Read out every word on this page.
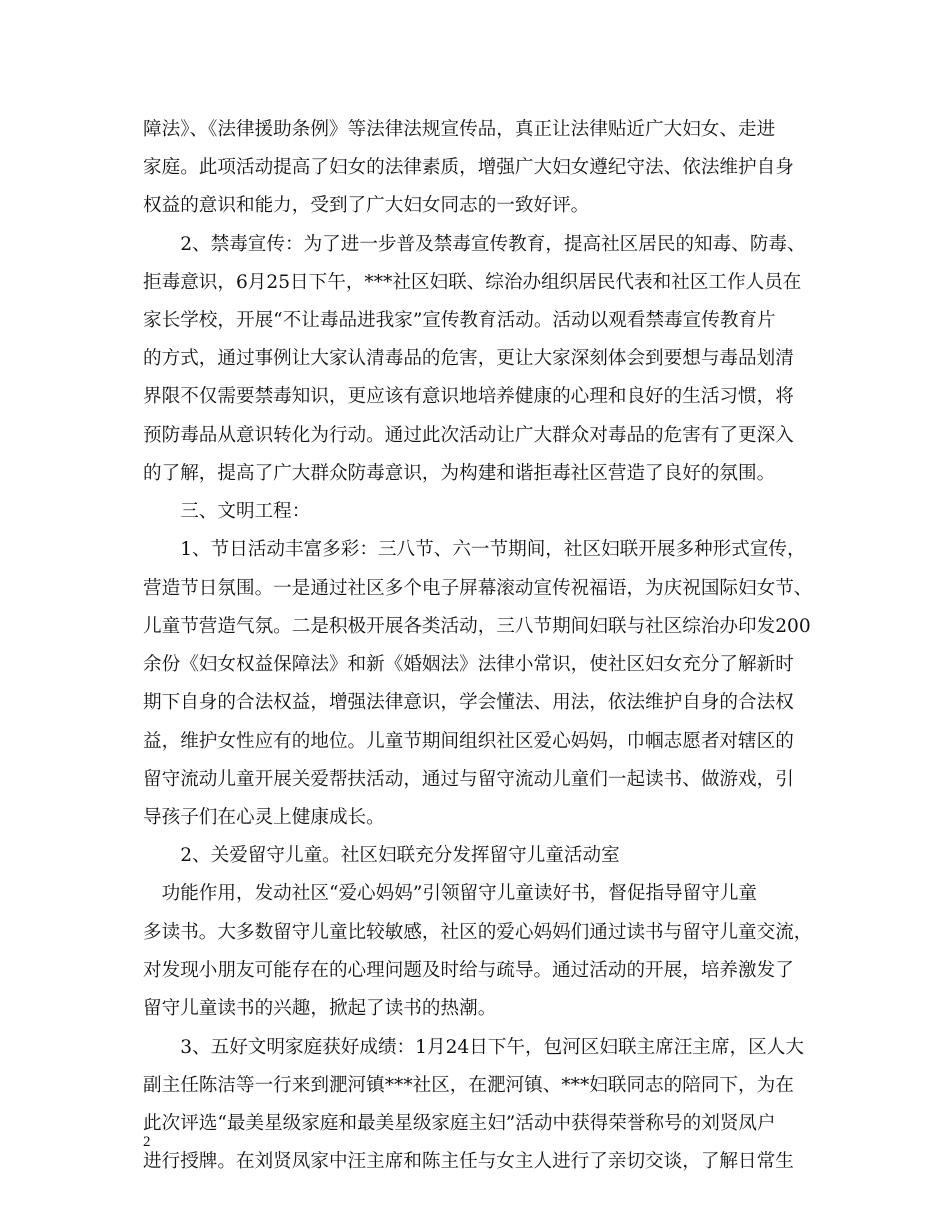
障法》、《法律援助条例》等法律法规宣传品，真正让法律贴近广大妇女、走进
家庭。此项活动提高了妇女的法律素质，增强广大妇女遵纪守法、依法维护自身
权益的意识和能力，受到了广大妇女同志的一致好评。
　　2、禁毒宣传：为了进一步普及禁毒宣传教育，提高社区居民的知毒、防毒、
拒毒意识，6月25日下午，***社区妇联、综治办组织居民代表和社区工作人员在
家长学校，开展“不让毒品进我家”宣传教育活动。活动以观看禁毒宣传教育片
的方式，通过事例让大家认清毒品的危害，更让大家深刻体会到要想与毒品划清
界限不仅需要禁毒知识，更应该有意识地培养健康的心理和良好的生活习惯，将
预防毒品从意识转化为行动。通过此次活动让广大群众对毒品的危害有了更深入
的了解，提高了广大群众防毒意识，为构建和谐拒毒社区营造了良好的氛围。
　　三、文明工程：
　　1、节日活动丰富多彩：三八节、六一节期间，社区妇联开展多种形式宣传，
营造节日氛围。一是通过社区多个电子屏幕滚动宣传祝福语，为庆祝国际妇女节、
儿童节营造气氛。二是积极开展各类活动，三八节期间妇联与社区综治办印发200
余份《妇女权益保障法》和新《婚姻法》法律小常识，使社区妇女充分了解新时
期下自身的合法权益，增强法律意识，学会懂法、用法，依法维护自身的合法权
益，维护女性应有的地位。儿童节期间组织社区爱心妈妈，巾帼志愿者对辖区的
留守流动儿童开展关爱帮扶活动，通过与留守流动儿童们一起读书、做游戏，引
导孩子们在心灵上健康成长。
　　2、关爱留守儿童。社区妇联充分发挥留守儿童活动室
　功能作用，发动社区“爱心妈妈”引领留守儿童读好书，督促指导留守儿童
多读书。大多数留守儿童比较敏感，社区的爱心妈妈们通过读书与留守儿童交流，
对发现小朋友可能存在的心理问题及时给与疏导。通过活动的开展，培养激发了
留守儿童读书的兴趣，掀起了读书的热潮。
　　3、五好文明家庭获好成绩：1月24日下午，包河区妇联主席汪主席，区人大
副主任陈洁等一行来到淝河镇***社区，在淝河镇、***妇联同志的陪同下，为在
此次评选“最美星级家庭和最美星级家庭主妇”活动中获得荣誉称号的刘贤凤户
进行授牌。在刘贤凤家中汪主席和陈主任与女主人进行了亲切交谈，了解日常生
2
